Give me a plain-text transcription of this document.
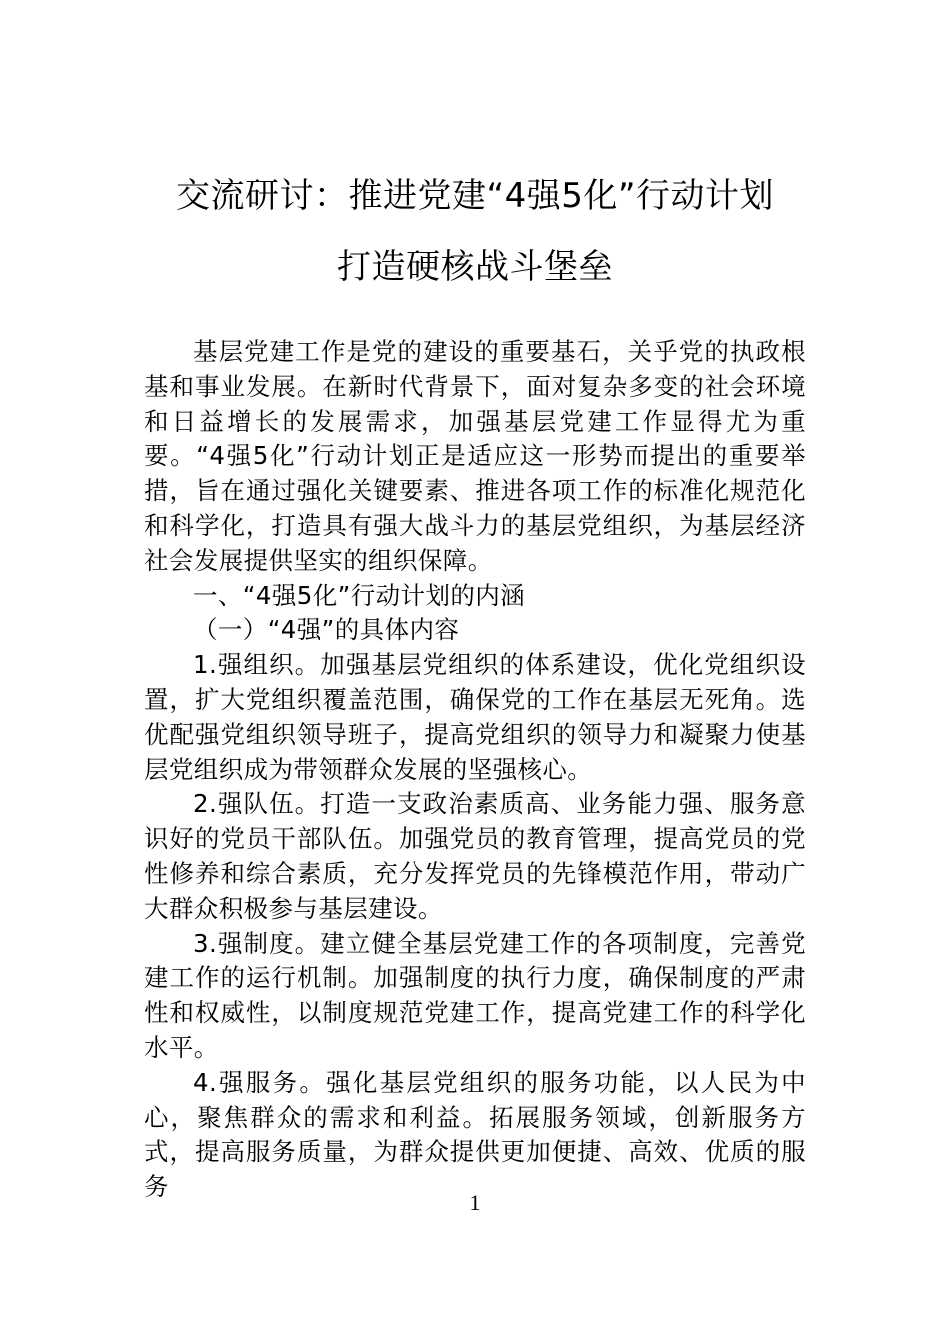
交流研讨：推进党建“4强5化”行动计划
打造硬核战斗堡垒

基层党建工作是党的建设的重要基石，关乎党的执政根基和事业发展。在新时代背景下，面对复杂多变的社会环境和日益增长的发展需求，加强基层党建工作显得尤为重要。“4强5化”行动计划正是适应这一形势而提出的重要举措，旨在通过强化关键要素、推进各项工作的标准化规范化和科学化，打造具有强大战斗力的基层党组织，为基层经济社会发展提供坚实的组织保障。

一、“4强5化”行动计划的内涵

（一）“4强”的具体内容

1.强组织。加强基层党组织的体系建设，优化党组织设置，扩大党组织覆盖范围，确保党的工作在基层无死角。选优配强党组织领导班子，提高党组织的领导力和凝聚力使基层党组织成为带领群众发展的坚强核心。

2.强队伍。打造一支政治素质高、业务能力强、服务意识好的党员干部队伍。加强党员的教育管理，提高党员的党性修养和综合素质，充分发挥党员的先锋模范作用，带动广大群众积极参与基层建设。

3.强制度。建立健全基层党建工作的各项制度，完善党建工作的运行机制。加强制度的执行力度，确保制度的严肃性和权威性，以制度规范党建工作，提高党建工作的科学化水平。

4.强服务。强化基层党组织的服务功能，以人民为中心，聚焦群众的需求和利益。拓展服务领域，创新服务方式，提高服务质量，为群众提供更加便捷、高效、优质的服务

1
